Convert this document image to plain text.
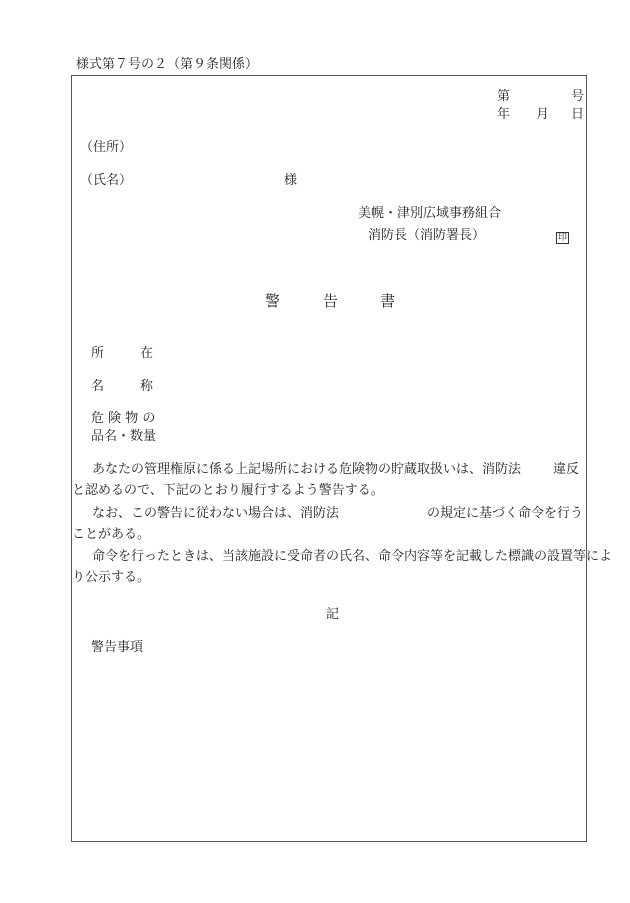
様式第７号の２（第９条関係）
第	号
年 月 日
（住所）
（氏名）	様
美幌・津別広域事務組合
消防長（消防署長）	印
警	告	書
所	在
名	称
危 険 物 の
品名・数量
あなたの管理権原に係る上記場所における危険物の貯蔵取扱いは、消防法 違反
と認めるので、下記のとおり履行するよう警告する。
なお、この警告に従わない場合は、消防法	の規定に基づく命令を行う
ことがある。
命令を行ったときは、当該施設に受命者の氏名、命令内容等を記載した標識の設置等によ
り公示する。
記
警告事項
